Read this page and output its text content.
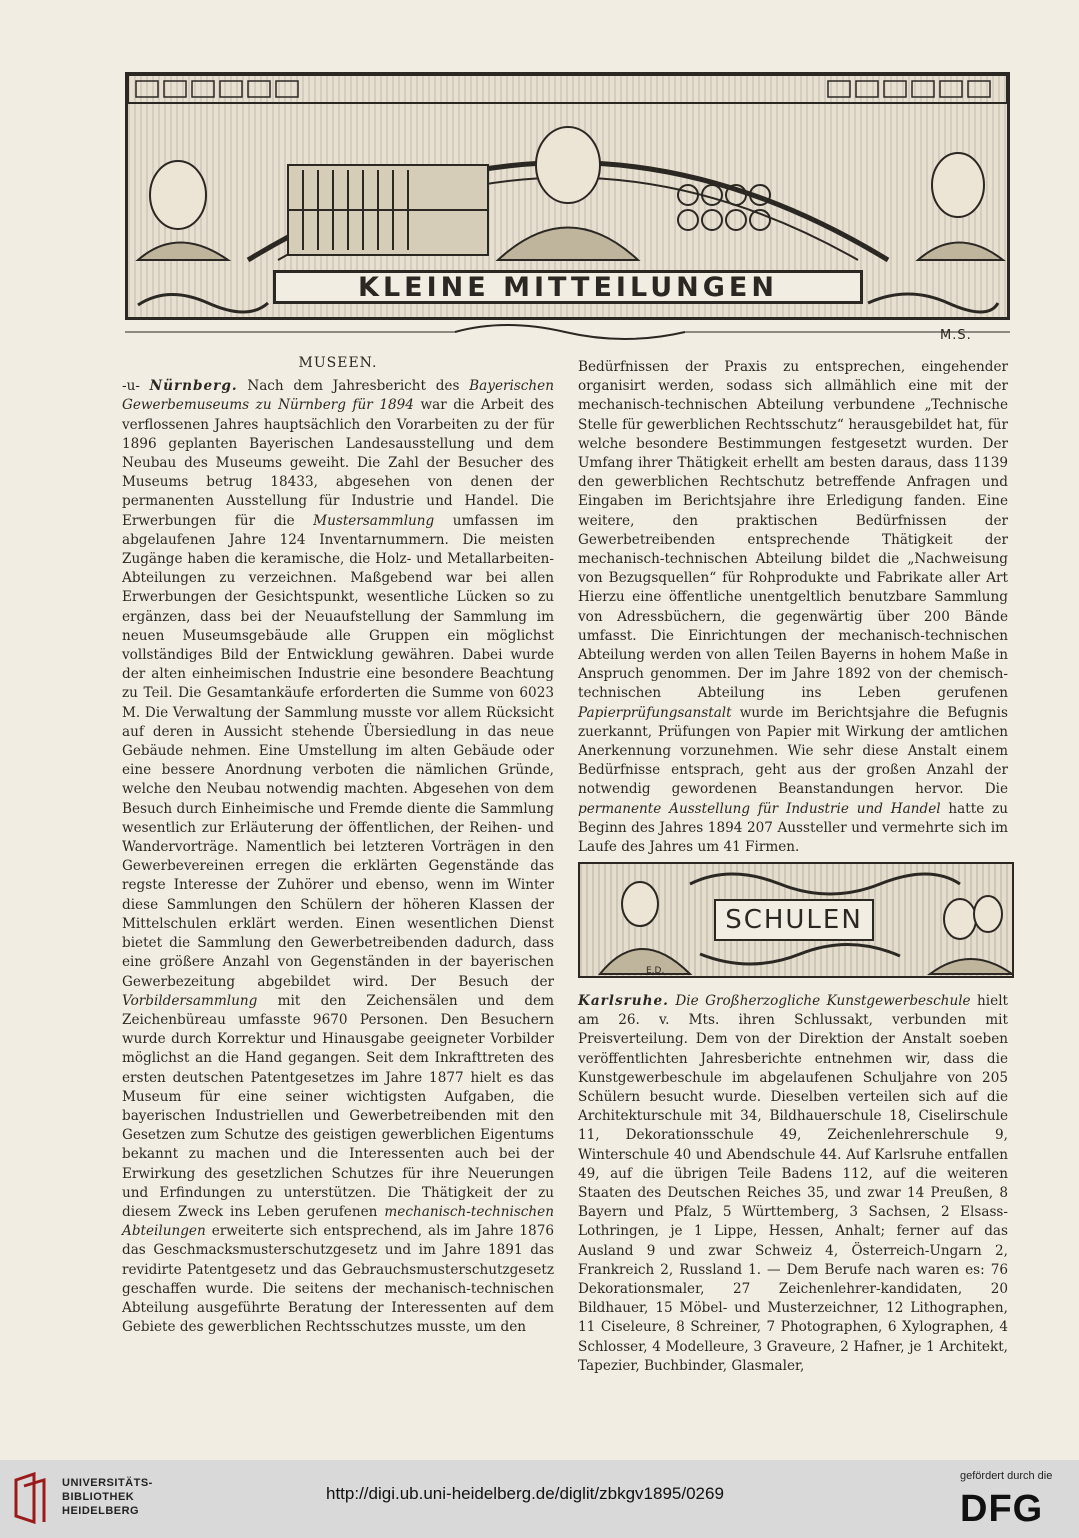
KLEINE MITTEILUNGEN
M.S.
MUSEEN.

-u- Nürnberg. Nach dem Jahresbericht des Bayerischen Gewerbemuseums zu Nürnberg für 1894 war die Arbeit des verflossenen Jahres hauptsächlich den Vorarbeiten zu der für 1896 geplanten Bayerischen Landesausstellung und dem Neubau des Museums geweiht. Die Zahl der Besucher des Museums betrug 18433, abgesehen von denen der permanenten Ausstellung für Industrie und Handel. Die Erwerbungen für die Mustersammlung umfassen im abgelaufenen Jahre 124 Inventarnummern. Die meisten Zugänge haben die keramische, die Holz- und Metallarbeiten-Abteilungen zu verzeichnen. Maßgebend war bei allen Erwerbungen der Gesichtspunkt, wesentliche Lücken so zu ergänzen, dass bei der Neuaufstellung der Sammlung im neuen Museumsgebäude alle Gruppen ein möglichst vollständiges Bild der Entwicklung gewähren. Dabei wurde der alten einheimischen Industrie eine besondere Beachtung zu Teil. Die Gesamtankäufe erforderten die Summe von 6023 M. Die Verwaltung der Sammlung musste vor allem Rücksicht auf deren in Aussicht stehende Übersiedlung in das neue Gebäude nehmen. Eine Umstellung im alten Gebäude oder eine bessere Anordnung verboten die nämlichen Gründe, welche den Neubau notwendig machten. Abgesehen von dem Besuch durch Einheimische und Fremde diente die Sammlung wesentlich zur Erläuterung der öffentlichen, der Reihen- und Wandervorträge. Namentlich bei letzteren Vorträgen in den Gewerbevereinen erregen die erklärten Gegenstände das regste Interesse der Zuhörer und ebenso, wenn im Winter diese Sammlungen den Schülern der höheren Klassen der Mittelschulen erklärt werden. Einen wesentlichen Dienst bietet die Sammlung den Gewerbetreibenden dadurch, dass eine größere Anzahl von Gegenständen in der bayerischen Gewerbezeitung abgebildet wird. Der Besuch der Vorbildersammlung mit den Zeichensälen und dem Zeichenbüreau umfasste 9670 Personen. Den Besuchern wurde durch Korrektur und Hinausgabe geeigneter Vorbilder möglichst an die Hand gegangen. Seit dem Inkrafttreten des ersten deutschen Patentgesetzes im Jahre 1877 hielt es das Museum für eine seiner wichtigsten Aufgaben, die bayerischen Industriellen und Gewerbetreibenden mit den Gesetzen zum Schutze des geistigen gewerblichen Eigentums bekannt zu machen und die Interessenten auch bei der Erwirkung des gesetzlichen Schutzes für ihre Neuerungen und Erfindungen zu unterstützen. Die Thätigkeit der zu diesem Zweck ins Leben gerufenen mechanisch-technischen Abteilungen erweiterte sich entsprechend, als im Jahre 1876 das Geschmacksmusterschutzgesetz und im Jahre 1891 das revidirte Patentgesetz und das Gebrauchsmusterschutzgesetz geschaffen wurde. Die seitens der mechanisch-technischen Abteilung ausgeführte Beratung der Interessenten auf dem Gebiete des gewerblichen Rechtsschutzes musste, um den

Bedürfnissen der Praxis zu entsprechen, eingehender organisirt werden, sodass sich allmählich eine mit der mechanisch-technischen Abteilung verbundene „Technische Stelle für gewerblichen Rechtsschutz“ herausgebildet hat, für welche besondere Bestimmungen festgesetzt wurden. Der Umfang ihrer Thätigkeit erhellt am besten daraus, dass 1139 den gewerblichen Rechtschutz betreffende Anfragen und Eingaben im Berichtsjahre ihre Erledigung fanden. Eine weitere, den praktischen Bedürfnissen der Gewerbetreibenden entsprechende Thätigkeit der mechanisch-technischen Abteilung bildet die „Nachweisung von Bezugsquellen“ für Rohprodukte und Fabrikate aller Art Hierzu eine öffentliche unentgeltlich benutzbare Sammlung von Adressbüchern, die gegenwärtig über 200 Bände umfasst. Die Einrichtungen der mechanisch-technischen Abteilung werden von allen Teilen Bayerns in hohem Maße in Anspruch genommen. Der im Jahre 1892 von der chemisch-technischen Abteilung ins Leben gerufenen Papierprüfungsanstalt wurde im Berichtsjahre die Befugnis zuerkannt, Prüfungen von Papier mit Wirkung der amtlichen Anerkennung vorzunehmen. Wie sehr diese Anstalt einem Bedürfnisse entsprach, geht aus der großen Anzahl der notwendig gewordenen Beanstandungen hervor. Die permanente Ausstellung für Industrie und Handel hatte zu Beginn des Jahres 1894 207 Aussteller und vermehrte sich im Laufe des Jahres um 41 Firmen.

SCHULEN
E.D.

Karlsruhe. Die Großherzogliche Kunstgewerbeschule hielt am 26. v. Mts. ihren Schlussakt, verbunden mit Preisverteilung. Dem von der Direktion der Anstalt soeben veröffentlichten Jahresberichte entnehmen wir, dass die Kunstgewerbeschule im abgelaufenen Schuljahre von 205 Schülern besucht wurde. Dieselben verteilen sich auf die Architekturschule mit 34, Bildhauerschule 18, Ciselirschule 11, Dekorationsschule 49, Zeichenlehrerschule 9, Winterschule 40 und Abendschule 44. Auf Karlsruhe entfallen 49, auf die übrigen Teile Badens 112, auf die weiteren Staaten des Deutschen Reiches 35, und zwar 14 Preußen, 8 Bayern und Pfalz, 5 Württemberg, 3 Sachsen, 2 Elsass-Lothringen, je 1 Lippe, Hessen, Anhalt; ferner auf das Ausland 9 und zwar Schweiz 4, Österreich-Ungarn 2, Frankreich 2, Russland 1. — Dem Berufe nach waren es: 76 Dekorationsmaler, 27 Zeichenlehrer-kandidaten, 20 Bildhauer, 15 Möbel- und Musterzeichner, 12 Lithographen, 11 Ciseleure, 8 Schreiner, 7 Photographen, 6 Xylographen, 4 Schlosser, 4 Modelleure, 3 Graveure, 2 Hafner, je 1 Architekt, Tapezier, Buchbinder, Glasmaler,

UNIVERSITÄTS-
BIBLIOTHEK
HEIDELBERG
http://digi.ub.uni-heidelberg.de/diglit/zbkgv1895/0269
gefördert durch die
DFG
